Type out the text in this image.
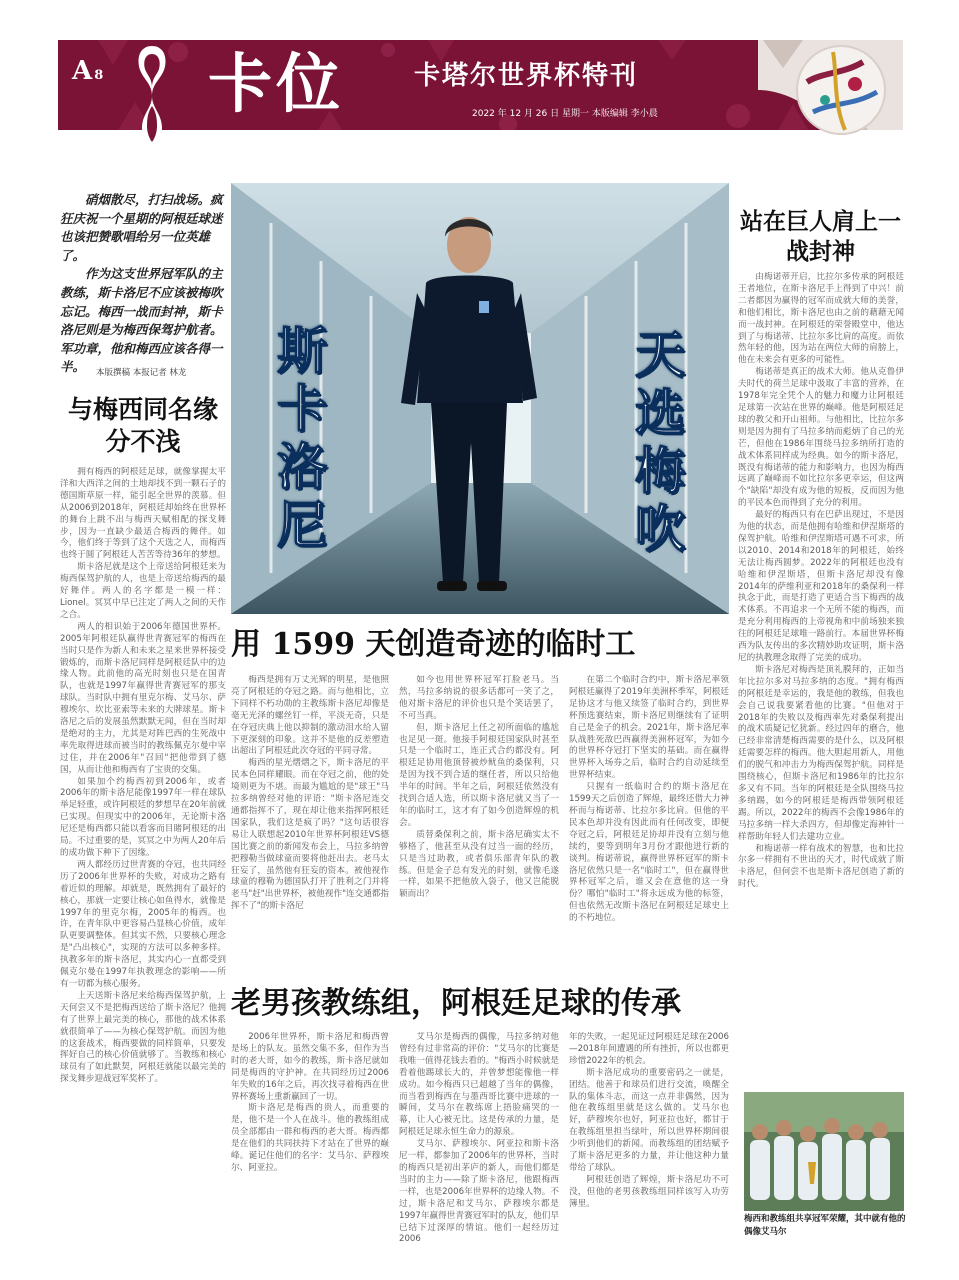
A 8
FIFA WORLD CUP
Qatar 2022
卡位	卡塔尔世界杯特刊
2022 年 12 月 26 日 星期一 本版编辑 李小晨

硝烟散尽，打扫战场。疯狂庆祝一个星期的阿根廷球迷也该把赞歌唱给另一位英雄了。

作为这支世界冠军队的主教练，斯卡洛尼不应该被梅吹忘记。梅西一战而封神，斯卡洛尼则是为梅西保驾护航者。军功章，他和梅西应该各得一半。	本版撰稿 本报记者 林龙
与梅西同名缘分不浅

拥有梅西的阿根廷足球，就像掌握太平洋和大西洋之间的土地却找不到一颗石子的德国斯草原一样，能引起全世界的羡慕。但从2006到2018年，阿根廷却始终在世界杯的舞台上跳不出与梅西天赋相配的探戈舞步，因为一直缺少最适合梅西的舞伴。如今，他们终于等到了这个天选之人，而梅西也终于圆了阿根廷人苦苦等待36年的梦想。

斯卡洛尼就是这个上帝送给阿根廷来为梅西保驾护航的人，也是上帝送给梅西的最好舞伴。两人的名字都是一模一样：Lionel。冥冥中早已注定了两人之间的天作之合。

两人的相识始于2006年德国世界杯。2005年阿根廷队赢得世青赛冠军的梅西在当时只是作为新人和未来之星来世界杯接受锻炼的，而斯卡洛尼同样是阿根廷队中的边缘人物。此前他的高光时刻也只是在国青队，也就是1997年赢得世青赛冠军的那支球队。当时队中拥有里克尔梅、艾马尔、萨穆埃尔、坎比亚索等未来的大牌球星。斯卡洛尼之后的发展虽然默默无闻，但在当时却是绝对的主力，尤其是对阵巴西的生死战中率先取得进球而被当时的教练佩克尔曼中宰过住，并在2006年"召回"把他带到了德国，从而让他和梅西有了宝贵的交集。

如果加个约梅西初到2006年，或者2006年的斯卡洛尼能像1997年一样在球队举足轻重，或许阿根廷的梦想早在20年前就已实现。但现实中的2006年，无论斯卡洛尼还是梅西都只能以看客而目睹阿根廷的出局。不过重要的是，冥冥之中为两人20年后的成功做下种下了因缘。

两人都经历过世青赛的夺冠，也共同经历了2006年世界杯的失败，对成功之路有着近似的理解。却就是，既然拥有了最好的核心，那就一定要让核心如鱼得水，就像是1997年的里克尔梅，2005年的梅西。也许，在青年队中更容易凸显核心价值，成年队更要调整体。但其实不然，只要核心理念是"凸出核心"，实现的方法可以多种多样。执教多年的斯卡洛尼，其实内心一直都受到佩克尔曼在1997年执教理念的影响——所有一切都为核心服务。

上天送斯卡洛尼来给梅西保驾护航，上天何尝又不是把梅西送给了斯卡洛尼？他拥有了世界上最完美的核心，那他的战术体系就很简单了——为核心保驾护航。而因为他的这套战术，梅西要做的同样简单，只要发挥好自己的核心价值就够了。当教练和核心球员有了如此默契，阿根廷就能以最完美的探戈舞步迎战冠军奖杯了。

斯卡洛尼
天选梅吹
站在巨人肩上一战封神

由梅诺蒂开启，比拉尔多传承的阿根廷王者地位，在斯卡洛尼手上得到了中兴！前二者都因为赢得的冠军而成就大师的美誉，和他们相比，斯卡洛尼也由之前的藉藉无闻而一战封神。在阿根廷的荣誉殿堂中，他达到了与梅诺蒂、比拉尔多比肩的高度。而依然年轻的他，因为站在两位大师的肩膀上，他在未来会有更多的可能性。

梅诺蒂是真正的战术大师。他从克鲁伊夫时代的荷兰足球中汲取了丰富的营养，在1978年完全凭个人的魅力和魔力让阿根廷足球第一次站在世界的巅峰。他是阿根廷足球的教父和开山祖师。与他相比，比拉尔多则是因为拥有了马拉多纳而彪炳了自己的光芒，但他在1986年围绕马拉多纳所打造的战术体系同样成为经典。如今的斯卡洛尼，既没有梅诺蒂的能力和影响力，也因为梅西远离了巅峰而不如比拉尔多更幸运，但这两个"缺陷"却没有成为他的短板，反而因为他的平民本色而得到了充分的利用。

最好的梅西只有在巴萨出现过，不是因为他的状态，而是他拥有哈维和伊涅斯塔的保驾护航。哈维和伊涅斯塔可遇不可求，所以2010、2014和2018年的阿根廷，始终无法让梅西圆梦。2022年的阿根廷也没有哈维和伊涅斯塔，但斯卡洛尼却没有像2014年的萨维利亚和2018年的桑保利一样执念于此，而是打造了更适合当下梅西的战术体系。不再追求一个无所不能的梅西，而是充分利用梅西的上帝视角和中前场独来独往的阿根廷足球唯一路前行。本届世界杯梅西为队友传出的多次精妙助攻证明，斯卡洛尼的执教理念取得了完美的成功。

斯卡洛尼对梅西是顶礼膜拜的，正如当年比拉尔多对马拉多纳的态度。"拥有梅西的阿根廷是幸运的，我是他的教练，但我也会自己说我要紧看他的比赛。"但他对于2018年的失败以及梅西率先对桑保利提出的战术质疑记忆犹新。经过四年的磨合，他已经非常清楚梅西需要的是什么，以及阿根廷需要怎样的梅西。他大胆起用新人，用他们的脱气和冲击力为梅西保驾护航。同样是围绕核心，但斯卡洛尼和1986年的比拉尔多又有不同。当年的阿根廷是全队围绕马拉多纳踢，如今的阿根廷是梅西带领阿根廷踢。所以，2022年的梅西不会像1986年的马拉多纳一样大杀四方，但却像定海神针一样帮助年轻人们去建功立业。

和梅诺蒂一样有战术的智慧，也和比拉尔多一样拥有不世出的天才，时代成就了斯卡洛尼，但何尝不也是斯卡洛尼创造了新的时代。

梅西和教练组共享冠军荣耀，其中就有他的偶像艾马尔
用 1599 天创造奇迹的临时工

梅西是拥有万丈光辉的明星，是他照亮了阿根廷的夺冠之路。而与他相比，立下同样不朽功勋的主教练斯卡洛尼却像是毫无光泽的螺丝钉一样，平淡无奇，只是在夺冠庆典上他以抑制的激动泪水给人留下更深刻的印象。这并不是他的反差塑造出超出了阿根廷此次夺冠的平同寻常。

梅西的星光熠熠之下，斯卡洛尼的平民本色同样耀眼。而在夺冠之前，他的处境则更为不堪。而最为尴尬的是"球王"马拉多纳曾经对他的评语："斯卡洛尼连交通都指挥不了，现在却让他来指挥阿根廷国家队，我们这是疯了吗？"这句话很容易让人联想起2010年世界杯阿根廷VS德国比赛之前的新闻发布会上，马拉多纳曾把穆勒当做球童而要将他赶出去。老马太狂妄了，虽然他有狂妄的资本。被他视作球童的穆勒为德国队打开了胜利之门并将老马"赶"出世界杯，被他视作"连交通都指挥不了"的斯卡洛尼

如今也用世界杯冠军打脸老马。当然，马拉多纳说的很多话都可一笑了之，他对斯卡洛尼的评价也只是个笑话罢了，不可当真。

但，斯卡洛尼上任之初所面临的尴尬也足见一斑。他接手阿根廷国家队时甚至只是一个临时工，连正式合约都没有。阿根廷足协用他顶替被炒鱿鱼的桑保利，只是因为找不到合适的继任者，所以只给他半年的时间。半年之后，阿根廷依然没有找到合适人选，所以斯卡洛尼就又当了一年的临时工，这才有了如今创造辉煌的机会。

质替桑保利之前，斯卡洛尼确实太不够格了，他甚至从没有过当一面的经历，只是当过助教，或者俱乐部青年队的教练。但是金子总有发光的时刻，就像毛遂一样，如果不把他放入袋子，他又岂能脱颖而出？

在第二个临时合约中，斯卡洛尼率领阿根廷赢得了2019年美洲杯季军，阿根廷足协这才与他又续签了临时合约，到世界杯预选赛结束，斯卡洛尼则继续有了证明自己是金子的机会。2021年，斯卡洛尼率队战胜死敌巴西赢得美洲杯冠军，为如今的世界杯夺冠打下坚实的基础。而在赢得世界杯入场券之后，临时合约自动延续至世界杯结束。

只握有一纸临时合约的斯卡洛尼在1599天之后创造了辉煌，最终还借大力神杯而与梅诺蒂、比拉尔多比肩。但他的平民本色却并没有因此而有任何改变，即便夺冠之后，阿根廷足协却并没有立刻与他续约，要等到明年3月份才跟他进行新的谈判。梅诺蒂说，赢得世界杯冠军的斯卡洛尼依然只是一名"临时工"，但在赢得世界杯冠军之后，谁又会在意他的这一身份？哪怕"临时工"将永远成为他的标签，但也依然无改斯卡洛尼在阿根廷足球史上的不朽地位。

老男孩教练组，阿根廷足球的传承

2006年世界杯，斯卡洛尼和梅西曾是场上的队友。虽然交集不多，但作为当时的老大哥，如今的教练，斯卡洛尼就如同是梅西的守护神。在共同经历过2006年失败的16年之后，再次找寻着梅西在世界杯赛场上重新赢回了一切。

斯卡洛尼是梅西的贵人，而重要的是，他不是一个人在战斗。他的教练组成员全部都由一群和梅西的老大哥。梅西都是在他们的共同扶持下才站在了世界的巅峰。诞记住他们的名字：艾马尔、萨穆埃尔、阿亚拉。

艾马尔是梅西的偶像，马拉多纳对他曾经有过非常高的评价："艾马尔的比赛是我唯一值得花钱去看的。"梅西小时候就是看着他踢球长大的，并曾梦想能像他一样成功。如今梅西只已超越了当年的偶像，而当看到梅西在与墨西哥比赛中进球的一瞬间，艾马尔在教练席上捂脸痛哭的一幕，让人心被无比。这是传承的力量，是阿根廷足球永恒生命力的源泉。

艾马尔、萨穆埃尔、阿亚拉和斯卡洛尼一样，都参加了2006年的世界杯，当时的梅西只是初出茅庐的新人，而他们都是当时的主力——除了斯卡洛尼，他跟梅西一样，也是2006年世界杯的边缘人物。不过，斯卡洛尼和艾马尔、萨穆埃尔都是1997年赢得世青赛冠军时的队友，他们早已结下过深厚的情谊。他们一起经历过2006

年的失败，一起见证过阿根廷足球在2006—2018年间遭遇的所有挫折，所以也都更珍惜2022年的机会。

斯卡洛尼成功的重要密码之一就是，团结。他善于和球员们进行交流，唤醒全队的集体斗志，而这一点并非偶然，因为他在教练组里就是这么做的。艾马尔也好，萨穆埃尔也好，阿亚拉也好，都甘于在教练组里担当绿叶，所以世界杯期间很少听到他们的新闻。而教练组的团结赋予了斯卡洛尼更多的力量，并让他这种力量带给了球队。

阿根廷创造了辉煌，斯卡洛尼功不可没，但他的老男孩教练组同样该写入功劳簿里。
